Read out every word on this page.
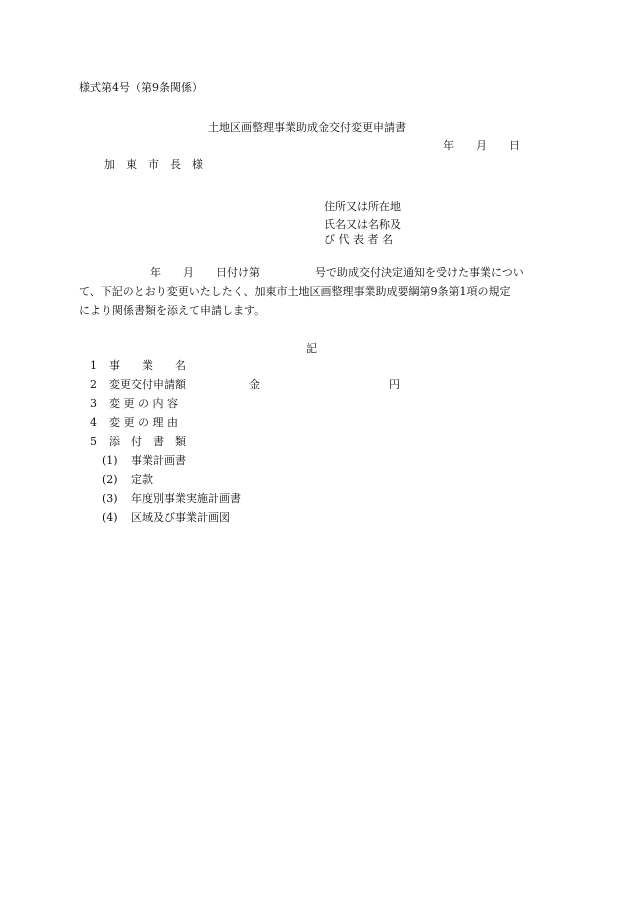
様式第4号（第9条関係）
土地区画整理事業助成金交付変更申請書
年　　月　　日
加　東　市　長　様
住所又は所在地
氏名又は名称及
び 代 表 者 名
年　　月　　日付け第　　　　　号で助成交付決定通知を受けた事業につい
て、下記のとおり変更いたしたく、加東市土地区画整理事業助成要綱第9条第1項の規定
により関係書類を添えて申請します。
記
1 事　　業　　名
2 変更交付申請額
3 変 更 の 内 容
4 変 更 の 理 由
5 添　付　書　類
金	円
(1) 事業計画書
(2) 定款
(3) 年度別事業実施計画書
(4) 区域及び事業計画図
